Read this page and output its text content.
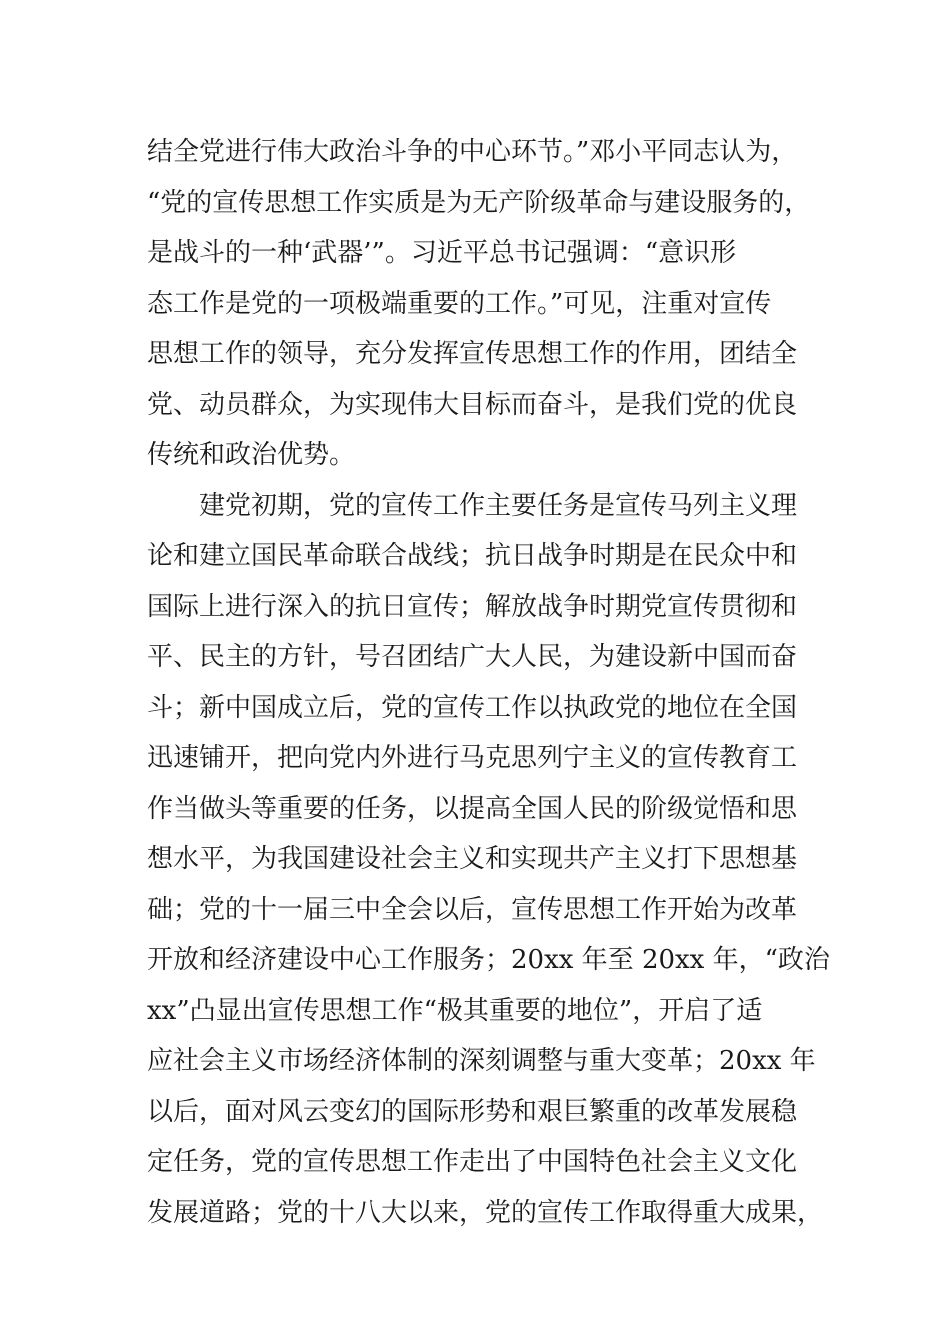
结全党进行伟大政治斗争的中心环节。”邓小平同志认为，
“党的宣传思想工作实质是为无产阶级革命与建设服务的，
是战斗的一种‘武器’”。习近平总书记强调：“意识形
态工作是党的一项极端重要的工作。”可见，注重对宣传
思想工作的领导，充分发挥宣传思想工作的作用，团结全
党、动员群众，为实现伟大目标而奋斗，是我们党的优良
传统和政治优势。
建党初期，党的宣传工作主要任务是宣传马列主义理
论和建立国民革命联合战线；抗日战争时期是在民众中和
国际上进行深入的抗日宣传；解放战争时期党宣传贯彻和
平、民主的方针，号召团结广大人民，为建设新中国而奋
斗；新中国成立后，党的宣传工作以执政党的地位在全国
迅速铺开，把向党内外进行马克思列宁主义的宣传教育工
作当做头等重要的任务，以提高全国人民的阶级觉悟和思
想水平，为我国建设社会主义和实现共产主义打下思想基
础；党的十一届三中全会以后，宣传思想工作开始为改革
开放和经济建设中心工作服务；20xx 年至 20xx 年，“政治
xx”凸显出宣传思想工作“极其重要的地位”，开启了适
应社会主义市场经济体制的深刻调整与重大变革；20xx 年
以后，面对风云变幻的国际形势和艰巨繁重的改革发展稳
定任务，党的宣传思想工作走出了中国特色社会主义文化
发展道路；党的十八大以来，党的宣传工作取得重大成果，
